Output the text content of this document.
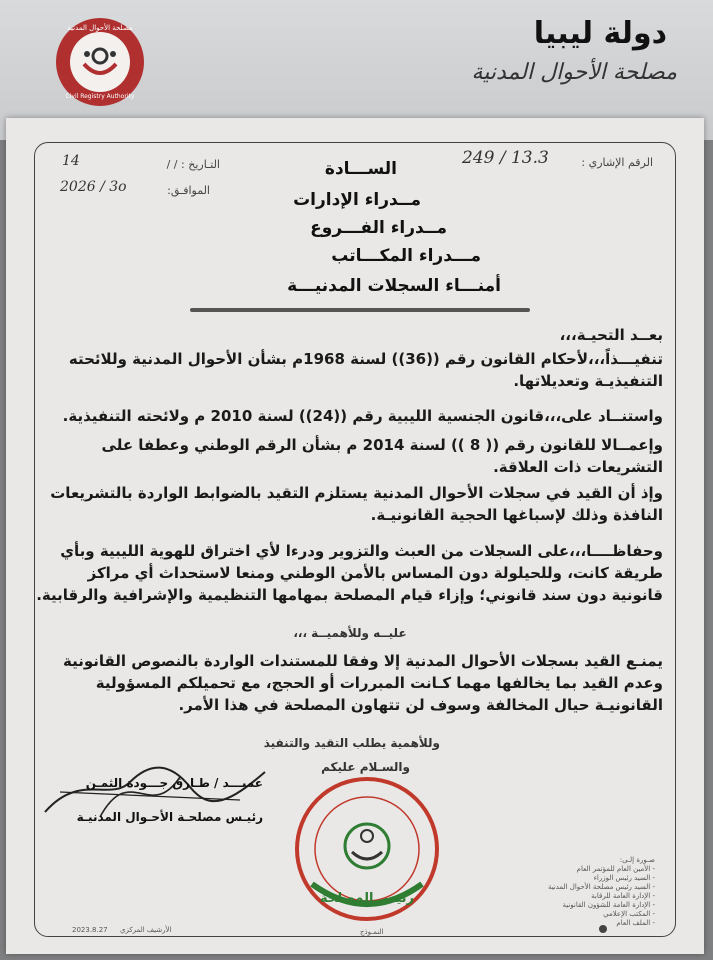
Civil Registry Authority
مصلحة الأحوال المدنية	دولة ليبيا
مصلحة الأحوال المدنية
الرقم الإشاري :
249 / 13.3
التـاريخ : / /
14
الموافـق:
2026 / 3o
الســـادة
مــدراء الإدارات
مــدراء الفـــروع
مـــدراء المكـــاتب
أمنـــاء السجلات المدنيـــة
بعــد التحيـة،،،
تنفيـــذاً،،،لأحكام القانون رقم ((36)) لسنة 1968م بشأن الأحوال المدنية وللائحته التنفيذيـة وتعديلاتها.
واستنــاد على،،،قانون الجنسية الليبية رقم ((24)) لسنة 2010 م ولائحته التنفيذية.
وإعمــالا للقانون رقم (( 8 )) لسنة 2014 م بشأن الرقم الوطني وعطفا على التشريعات ذات العلاقة.
وإذ أن القيد في سجلات الأحوال المدنية يستلزم التقيد بالضوابط الواردة بالتشريعات النافذة وذلك لإسباغها الحجية القانونيـة.
وحفاظــــا،،،على السجلات من العبث والتزوير ودرءا لأي اختراق للهوية الليبية وبأي طريقة كانت، وللحيلولة دون المساس بالأمن الوطني ومنعا لاستحداث أي مراكز قانونية دون سند قانوني؛ وإزاء قيام المصلحة بمهامها التنظيمية والإشرافية والرقابية.
عليــه وللأهميــة ،،،
يمنـع القيد بسجلات الأحوال المدنية إلا وفقا للمستندات الواردة بالنصوص القانونية وعدم القيد بما يخالفها مهما كـانت المبررات أو الحجج، مع تحميلكم المسؤولية القانونيـة حيال المخالفة وسوف لن تتهاون المصلحة في هذا الأمر.
وللأهمية يطلب التقيد والتنفيذ
والسـلام عليكم
عميـــد / طـارق جـــودة الثمـن
رئيـس مصلحـة الأحـوال المدنيـة
رئيس المصلحة
صـورة إلـى:
- الأمين العام للمؤتمر العام
- السيد رئيس الوزراء
- السيد رئيس مصلحة الأحوال المدنية
- الإدارة العامة للرقابة
- الإدارة العامة للشؤون القانونية
- المكتب الإعلامي
- الملف العام
2023.8.27 الأرشيف المركزي	النمـوذج
